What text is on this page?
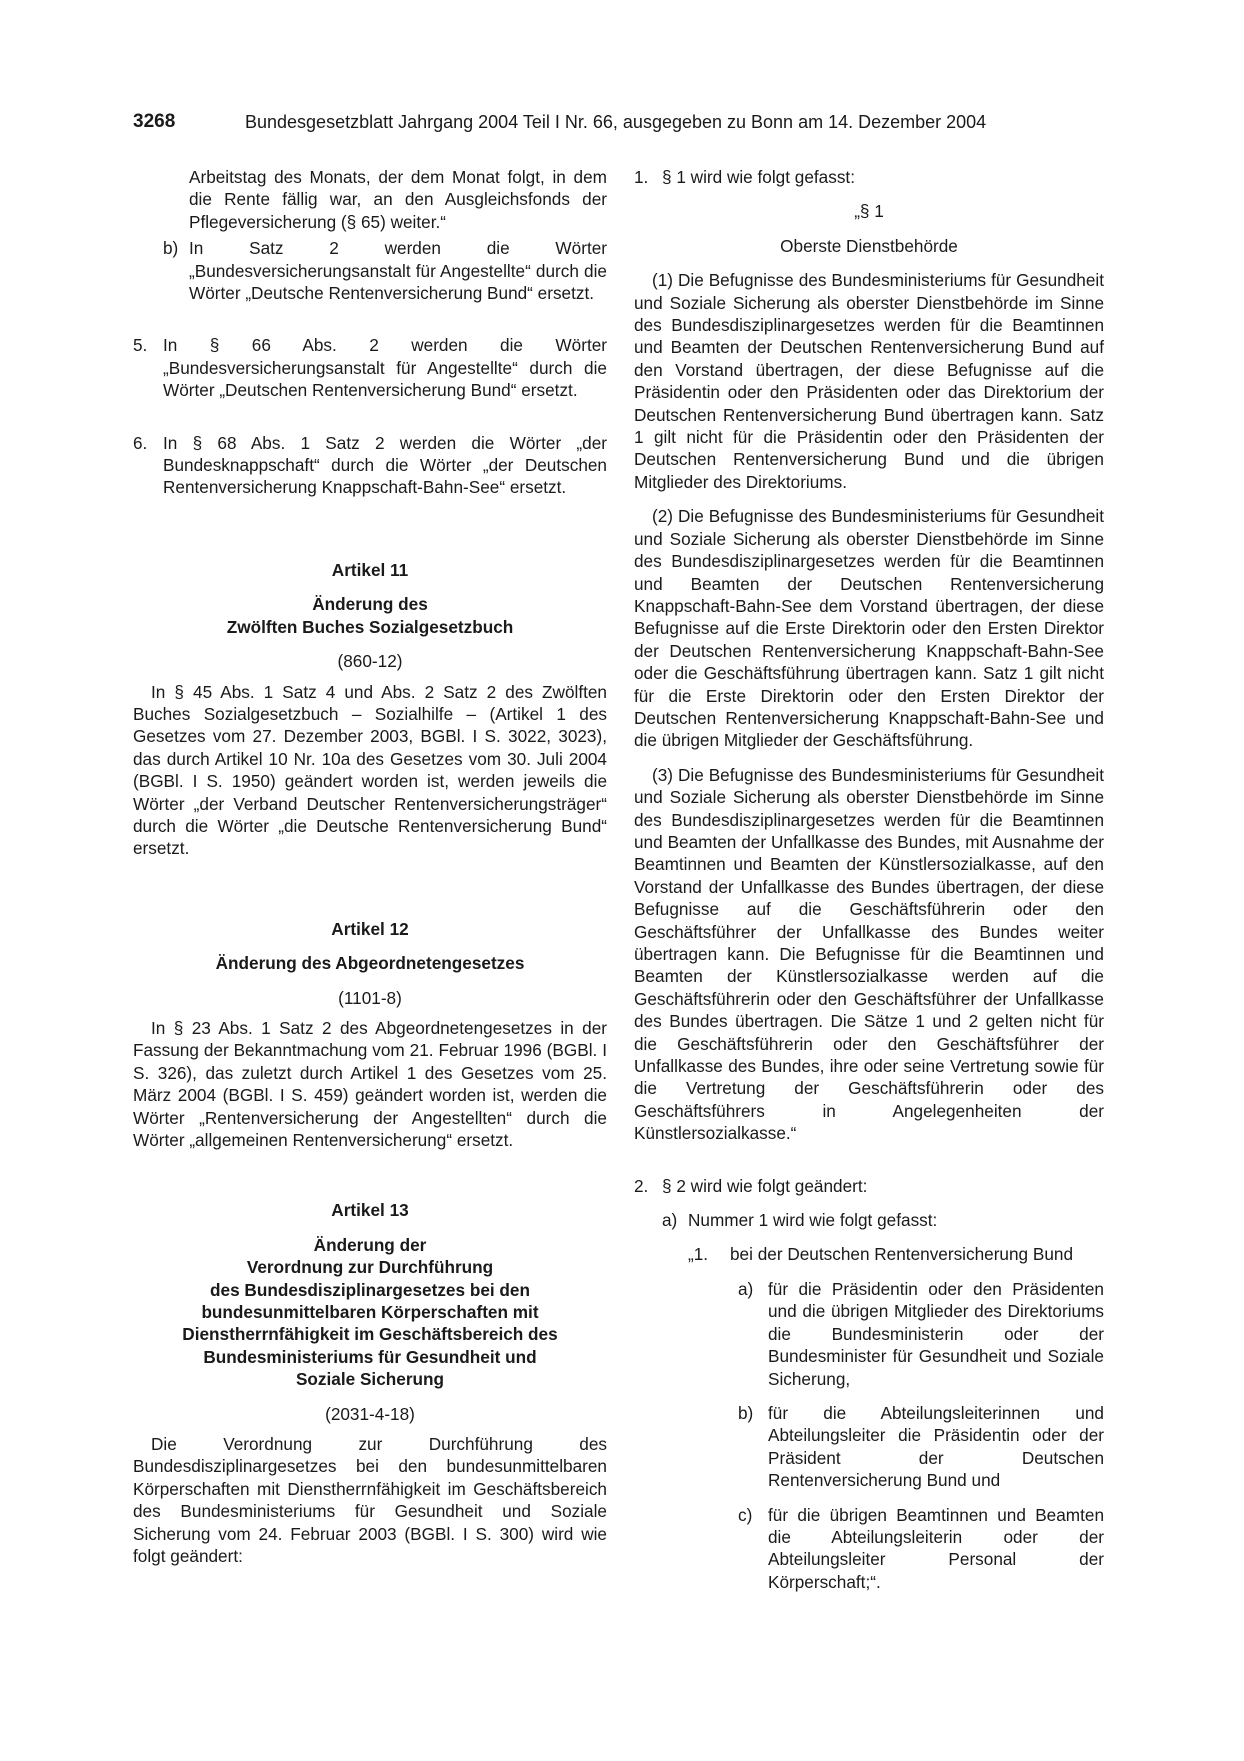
3268	Bundesgesetzblatt Jahrgang 2004 Teil I Nr. 66, ausgegeben zu Bonn am 14. Dezember 2004

Arbeitstag des Monats, der dem Monat folgt, in dem die Rente fällig war, an den Ausgleichsfonds der Pflegeversicherung (§ 65) weiter.“

b) In Satz 2 werden die Wörter „Bundesversicherungsanstalt für Angestellte“ durch die Wörter „Deutsche Rentenversicherung Bund“ ersetzt.

5. In § 66 Abs. 2 werden die Wörter „Bundesversicherungsanstalt für Angestellte“ durch die Wörter „Deutschen Rentenversicherung Bund“ ersetzt.

6. In § 68 Abs. 1 Satz 2 werden die Wörter „der Bundesknappschaft“ durch die Wörter „der Deutschen Rentenversicherung Knappschaft-Bahn-See“ ersetzt.

Artikel 11

Änderung des

Zwölften Buches Sozialgesetzbuch

(860-12)

In § 45 Abs. 1 Satz 4 und Abs. 2 Satz 2 des Zwölften Buches Sozialgesetzbuch – Sozialhilfe – (Artikel 1 des Gesetzes vom 27. Dezember 2003, BGBl. I S. 3022, 3023), das durch Artikel 10 Nr. 10a des Gesetzes vom 30. Juli 2004 (BGBl. I S. 1950) geändert worden ist, werden jeweils die Wörter „der Verband Deutscher Rentenversicherungsträger“ durch die Wörter „die Deutsche Rentenversicherung Bund“ ersetzt.

Artikel 12

Änderung des Abgeordnetengesetzes

(1101-8)

In § 23 Abs. 1 Satz 2 des Abgeordnetengesetzes in der Fassung der Bekanntmachung vom 21. Februar 1996 (BGBl. I S. 326), das zuletzt durch Artikel 1 des Gesetzes vom 25. März 2004 (BGBl. I S. 459) geändert worden ist, werden die Wörter „Rentenversicherung der Angestellten“ durch die Wörter „allgemeinen Rentenversicherung“ ersetzt.

Artikel 13

Änderung der

Verordnung zur Durchführung

des Bundesdisziplinargesetzes bei den

bundesunmittelbaren Körperschaften mit

Dienstherrnfähigkeit im Geschäftsbereich des

Bundesministeriums für Gesundheit und

Soziale Sicherung

(2031-4-18)

Die Verordnung zur Durchführung des Bundesdisziplinargesetzes bei den bundesunmittelbaren Körperschaften mit Dienstherrnfähigkeit im Geschäftsbereich des Bundesministeriums für Gesundheit und Soziale Sicherung vom 24. Februar 2003 (BGBl. I S. 300) wird wie folgt geändert:

1. § 1 wird wie folgt gefasst:

„§ 1

Oberste Dienstbehörde

(1) Die Befugnisse des Bundesministeriums für Gesundheit und Soziale Sicherung als oberster Dienstbehörde im Sinne des Bundesdisziplinargesetzes werden für die Beamtinnen und Beamten der Deutschen Rentenversicherung Bund auf den Vorstand übertragen, der diese Befugnisse auf die Präsidentin oder den Präsidenten oder das Direktorium der Deutschen Rentenversicherung Bund übertragen kann. Satz 1 gilt nicht für die Präsidentin oder den Präsidenten der Deutschen Rentenversicherung Bund und die übrigen Mitglieder des Direktoriums.

(2) Die Befugnisse des Bundesministeriums für Gesundheit und Soziale Sicherung als oberster Dienstbehörde im Sinne des Bundesdisziplinargesetzes werden für die Beamtinnen und Beamten der Deutschen Rentenversicherung Knappschaft-Bahn-See dem Vorstand übertragen, der diese Befugnisse auf die Erste Direktorin oder den Ersten Direktor der Deutschen Rentenversicherung Knappschaft-Bahn-See oder die Geschäftsführung übertragen kann. Satz 1 gilt nicht für die Erste Direktorin oder den Ersten Direktor der Deutschen Rentenversicherung Knappschaft-Bahn-See und die übrigen Mitglieder der Geschäftsführung.

(3) Die Befugnisse des Bundesministeriums für Gesundheit und Soziale Sicherung als oberster Dienstbehörde im Sinne des Bundesdisziplinargesetzes werden für die Beamtinnen und Beamten der Unfallkasse des Bundes, mit Ausnahme der Beamtinnen und Beamten der Künstlersozialkasse, auf den Vorstand der Unfallkasse des Bundes übertragen, der diese Befugnisse auf die Geschäftsführerin oder den Geschäftsführer der Unfallkasse des Bundes weiter übertragen kann. Die Befugnisse für die Beamtinnen und Beamten der Künstlersozialkasse werden auf die Geschäftsführerin oder den Geschäftsführer der Unfallkasse des Bundes übertragen. Die Sätze 1 und 2 gelten nicht für die Geschäftsführerin oder den Geschäftsführer der Unfallkasse des Bundes, ihre oder seine Vertretung sowie für die Vertretung der Geschäftsführerin oder des Geschäftsführers in Angelegenheiten der Künstlersozialkasse.“

2. § 2 wird wie folgt geändert:

a) Nummer 1 wird wie folgt gefasst:

„1. bei der Deutschen Rentenversicherung Bund

a) für die Präsidentin oder den Präsidenten und die übrigen Mitglieder des Direktoriums die Bundesministerin oder der Bundesminister für Gesundheit und Soziale Sicherung,

b) für die Abteilungsleiterinnen und Abteilungsleiter die Präsidentin oder der Präsident der Deutschen Rentenversicherung Bund und

c) für die übrigen Beamtinnen und Beamten die Abteilungsleiterin oder der Abteilungsleiter Personal der Körperschaft;“.
